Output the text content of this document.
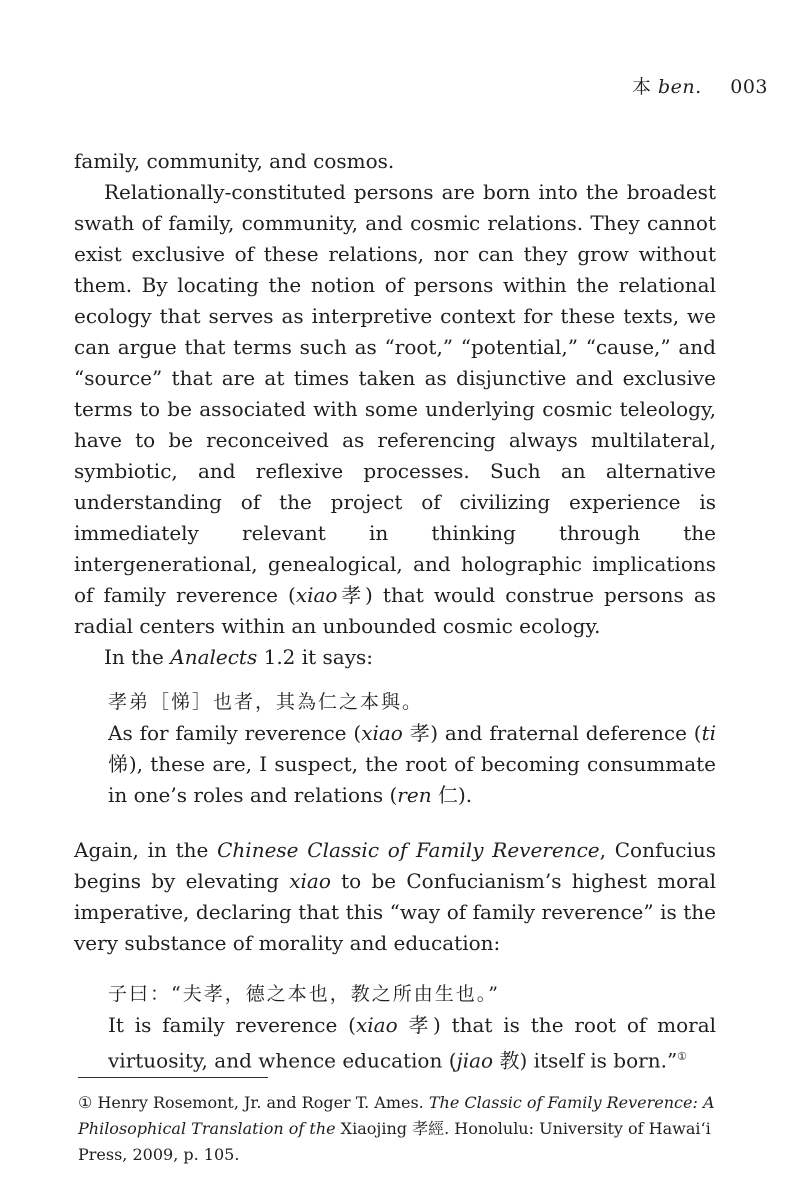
本 ben. 003

family, community, and cosmos.

Relationally-constituted persons are born into the broadest swath of family, community, and cosmic relations. They cannot exist exclusive of these relations, nor can they grow without them. By locating the notion of persons within the relational ecology that serves as interpretive context for these texts, we can argue that terms such as “root,” “potential,” “cause,” and “source” that are at times taken as disjunctive and exclusive terms to be associated with some underlying cosmic teleology, have to be reconceived as referencing always multilateral, symbiotic, and reflexive processes. Such an alternative understanding of the project of civilizing experience is immediately relevant in thinking through the intergenerational, genealogical, and holographic implications of family reverence (xiao孝) that would construe persons as radial centers within an unbounded cosmic ecology.

In the Analects 1.2 it says:

孝弟［悌］也者，其為仁之本與。

As for family reverence (xiao 孝) and fraternal deference (ti 悌), these are, I suspect, the root of becoming consummate in one’s roles and relations (ren 仁).

Again, in the Chinese Classic of Family Reverence, Confucius begins by elevating xiao to be Confucianism’s highest moral imperative, declaring that this “way of family reverence” is the very substance of morality and education:

子曰：“夫孝，德之本也，教之所由生也。”

It is family reverence (xiao 孝) that is the root of moral virtuosity, and whence education (jiao 教) itself is born.”①

① Henry Rosemont, Jr. and Roger T. Ames. The Classic of Family Reverence: A Philosophical Translation of the Xiaojing 孝經. Honolulu: University of Hawai‘i Press, 2009, p. 105.
